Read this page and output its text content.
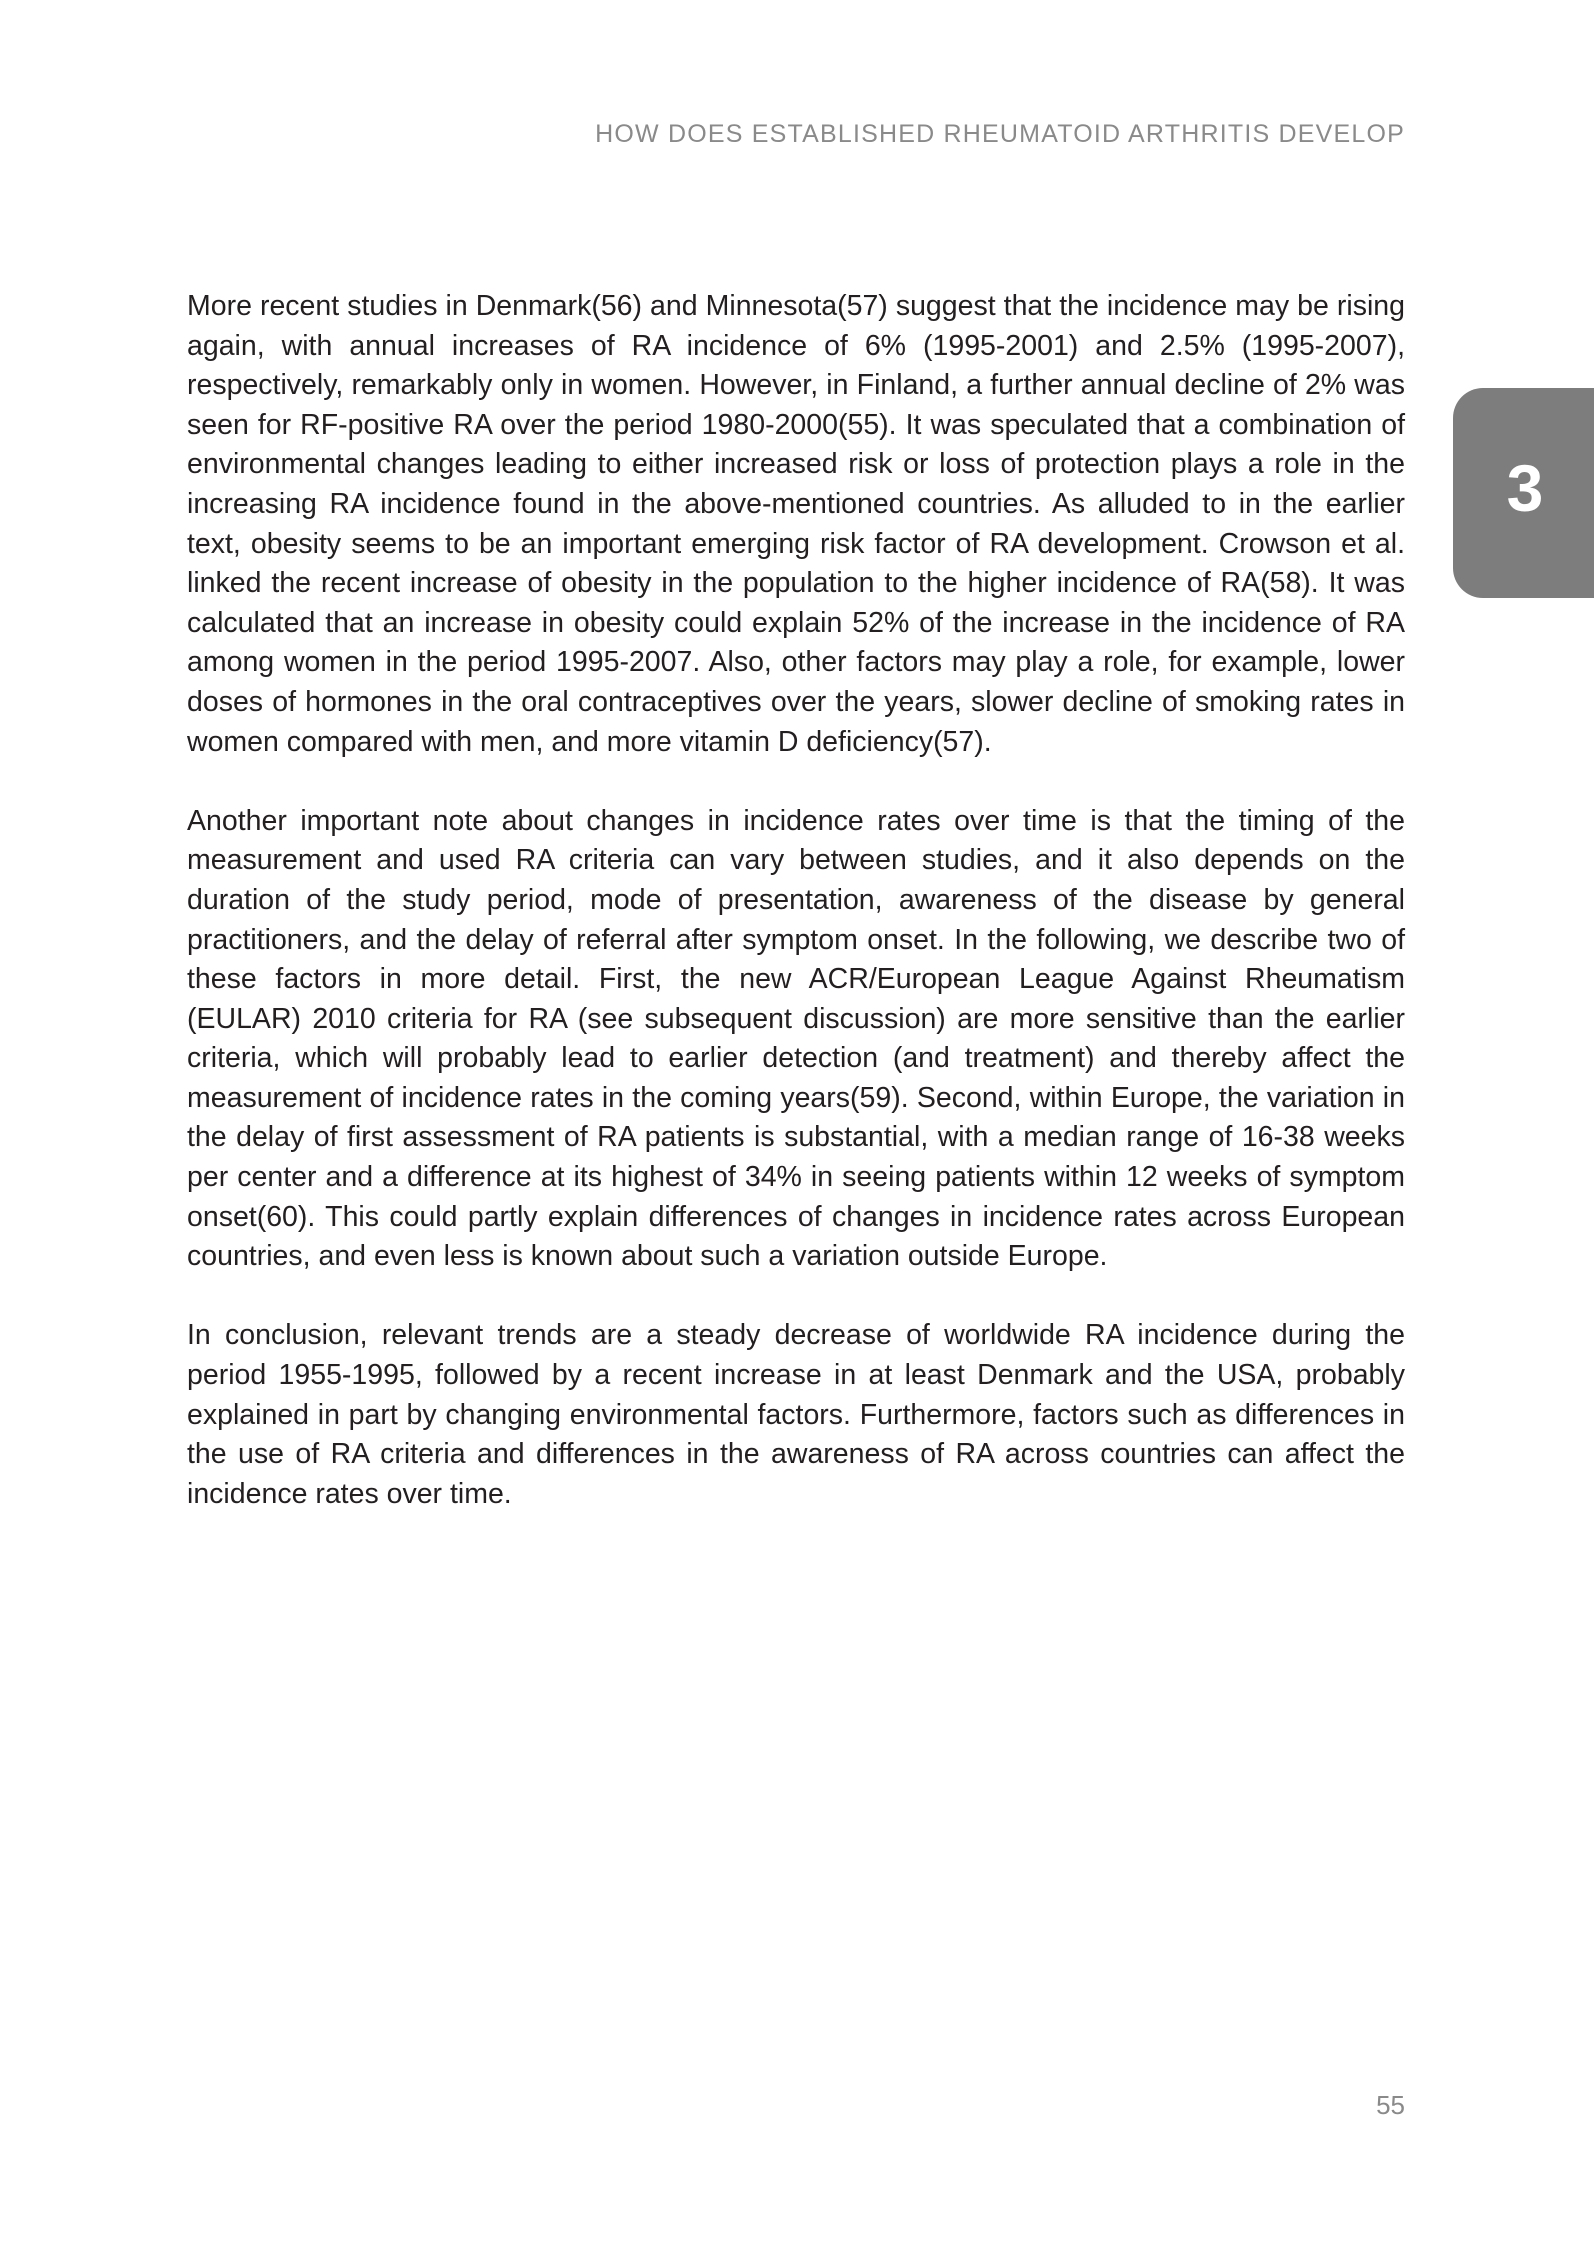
HOW DOES ESTABLISHED RHEUMATOID ARTHRITIS DEVELOP
3

More recent studies in Denmark(56) and Minnesota(57) suggest that the incidence may be rising again, with annual increases of RA incidence of 6% (1995-2001) and 2.5% (1995-2007), respectively, remarkably only in women. However, in Finland, a further annual decline of 2% was seen for RF-positive RA over the period 1980-2000(55). It was speculated that a combination of environmental changes leading to either increased risk or loss of protection plays a role in the increasing RA incidence found in the above-mentioned countries. As alluded to in the earlier text, obesity seems to be an important emerging risk factor of RA development. Crowson et al. linked the recent increase of obesity in the population to the higher incidence of RA(58). It was calculated that an increase in obesity could explain 52% of the increase in the incidence of RA among women in the period 1995-2007. Also, other factors may play a role, for example, lower doses of hormones in the oral contraceptives over the years, slower decline of smoking rates in women compared with men, and more vitamin D deficiency(57).

Another important note about changes in incidence rates over time is that the timing of the measurement and used RA criteria can vary between studies, and it also depends on the duration of the study period, mode of presentation, awareness of the disease by general practitioners, and the delay of referral after symptom onset. In the following, we describe two of these factors in more detail. First, the new ACR/European League Against Rheumatism (EULAR) 2010 criteria for RA (see subsequent discussion) are more sensitive than the earlier criteria, which will probably lead to earlier detection (and treatment) and thereby affect the measurement of incidence rates in the coming years(59). Second, within Europe, the variation in the delay of first assessment of RA patients is substantial, with a median range of 16-38 weeks per center and a difference at its highest of 34% in seeing patients within 12 weeks of symptom onset(60). This could partly explain differences of changes in incidence rates across European countries, and even less is known about such a variation outside Europe.

In conclusion, relevant trends are a steady decrease of worldwide RA incidence during the period 1955-1995, followed by a recent increase in at least Denmark and the USA, probably explained in part by changing environmental factors. Furthermore, factors such as differences in the use of RA criteria and differences in the awareness of RA across countries can affect the incidence rates over time.

55
